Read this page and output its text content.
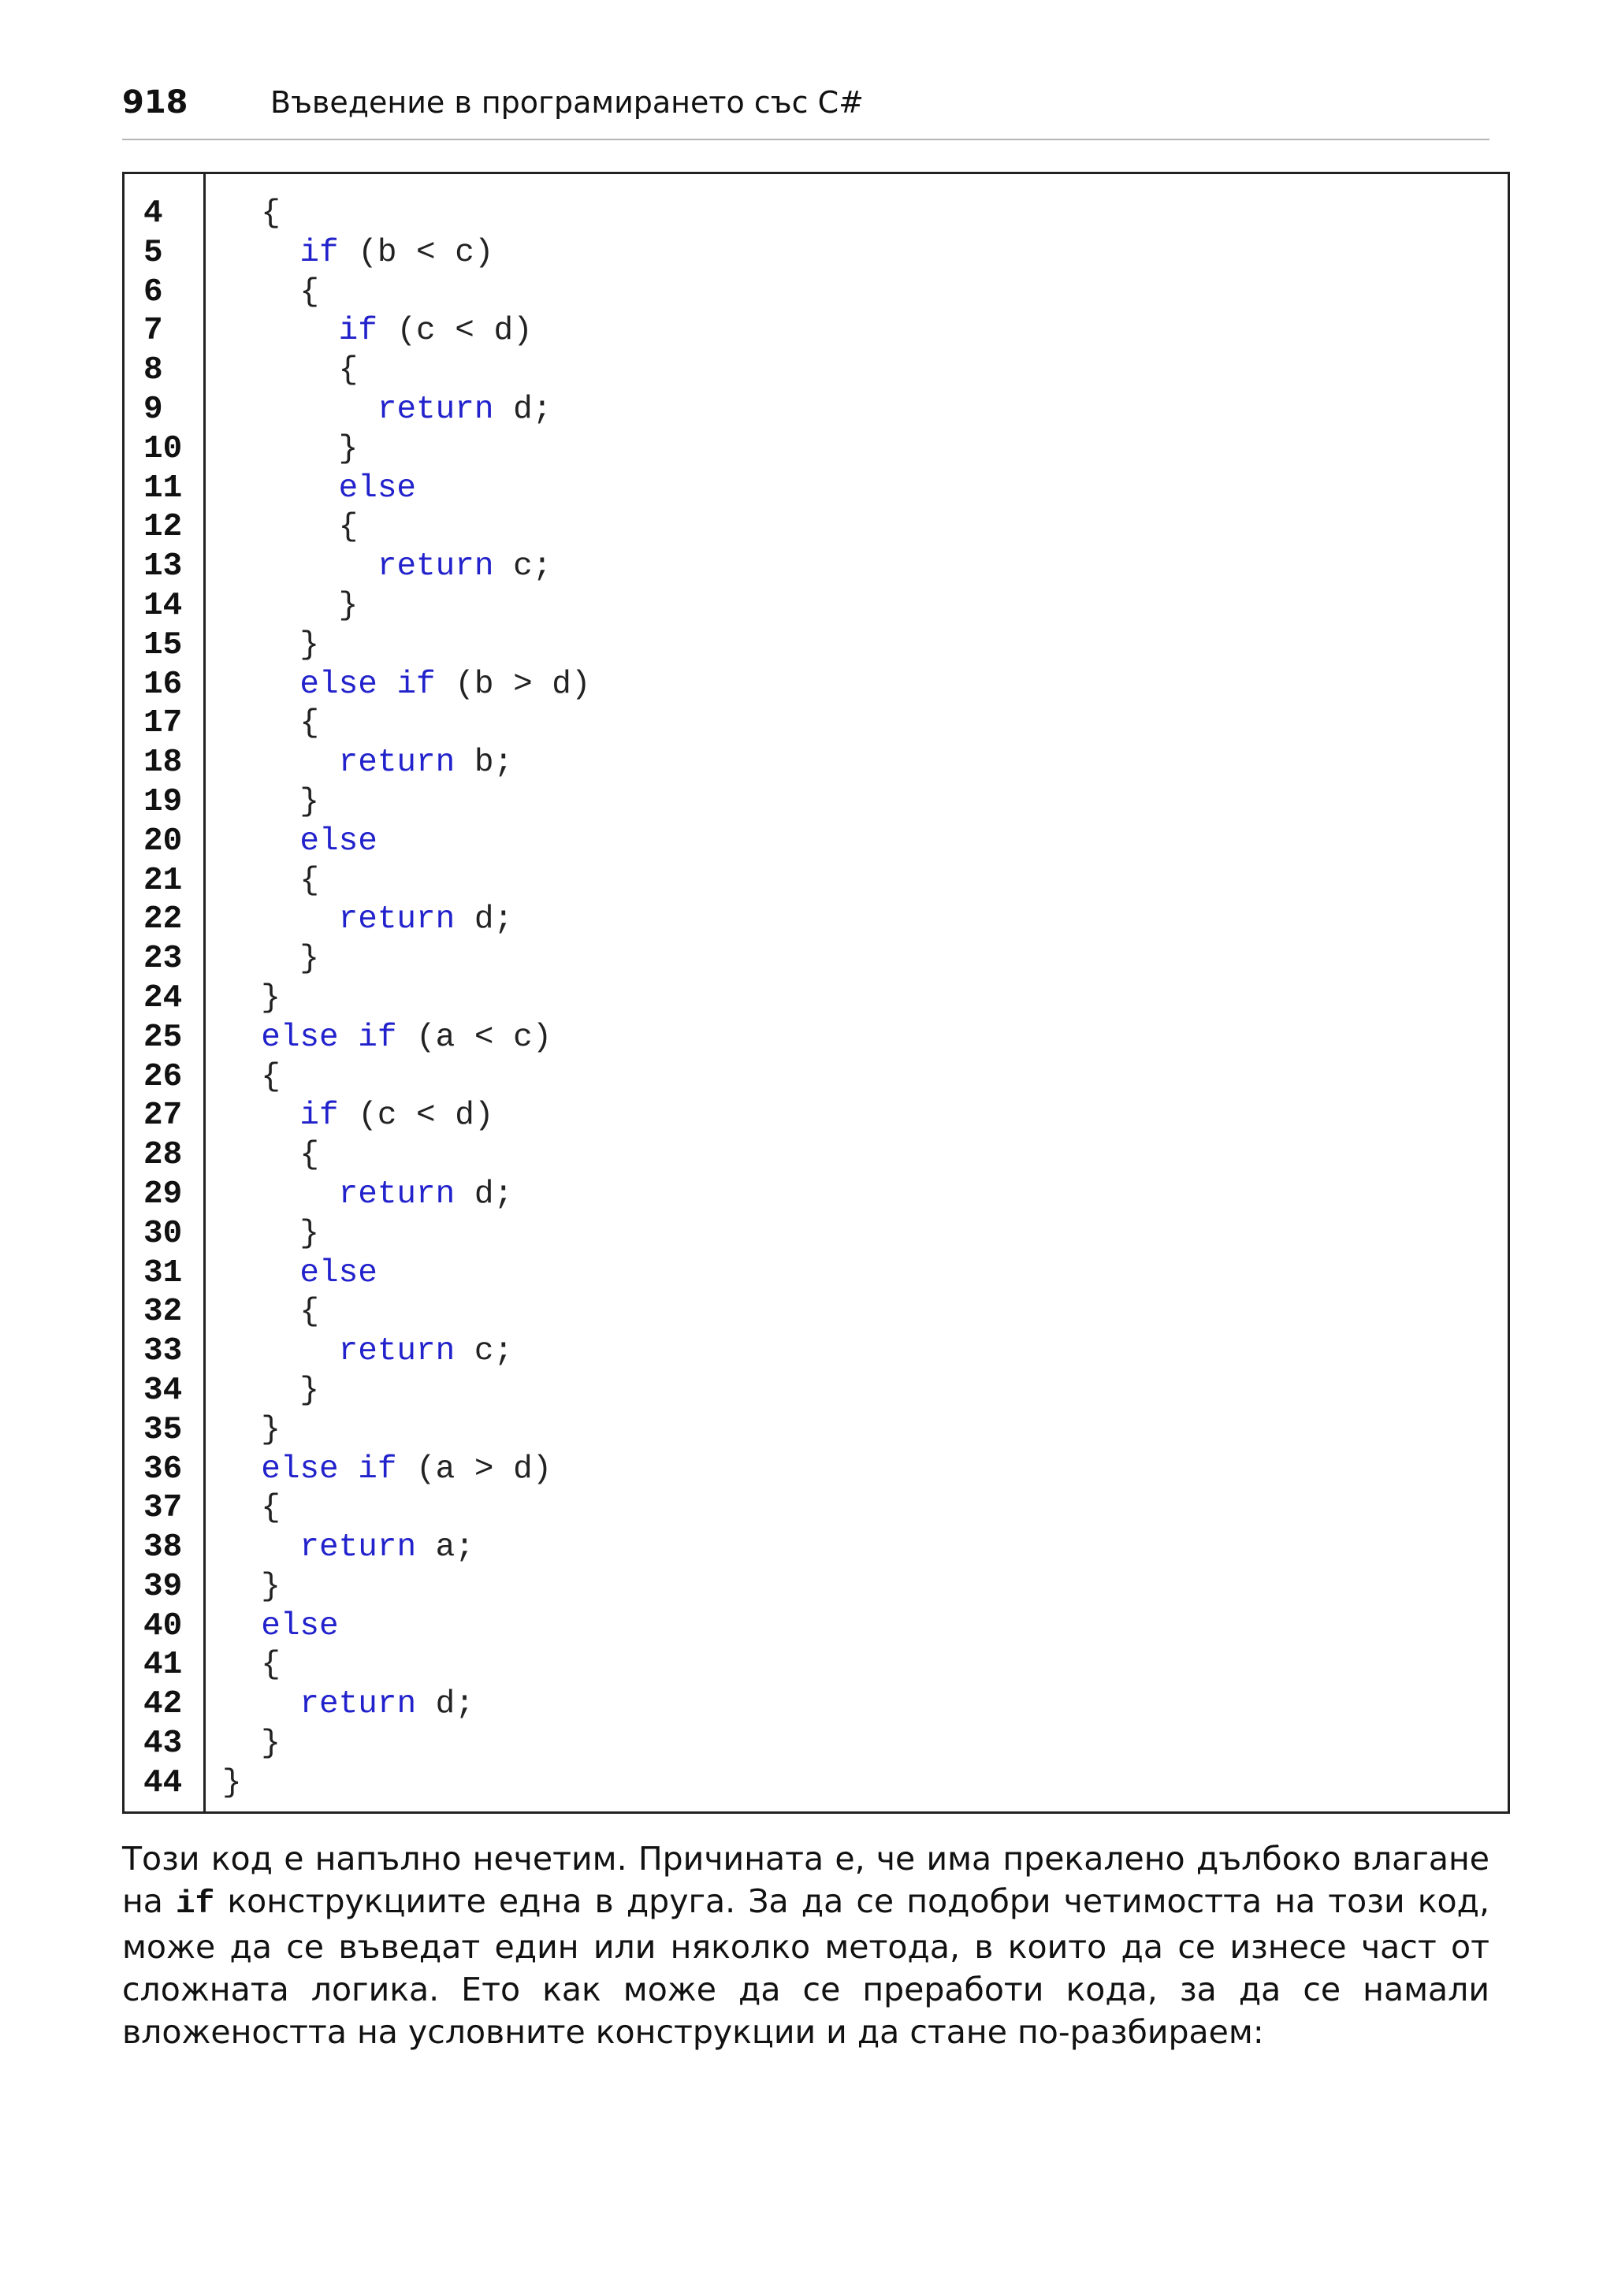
918	Въведение в програмирането със C#
4	{
5	if (b < c)
6	{
7	if (c < d)
8	{
9	return d;
10	}
11	else
12	{
13	return c;
14	}
15	}
16	else if (b > d)
17	{
18	return b;
19	}
20	else
21	{
22	return d;
23	}
24	}
25	else if (a < c)
26	{
27	if (c < d)
28	{
29	return d;
30	}
31	else
32	{
33	return c;
34	}
35	}
36	else if (a > d)
37	{
38	return a;
39	}
40	else
41	{
42	return d;
43	}
44 }
Този код е напълно нечетим. Причината е, че има прекалено дълбоко влагане на if конструкциите една в друга. За да се подобри четимостта на този код, може да се въведат един или няколко метода, в които да се изнесе част от сложната логика. Ето как може да се преработи кода, за да се намали вложеността на условните конструкции и да стане по-разбираем:
